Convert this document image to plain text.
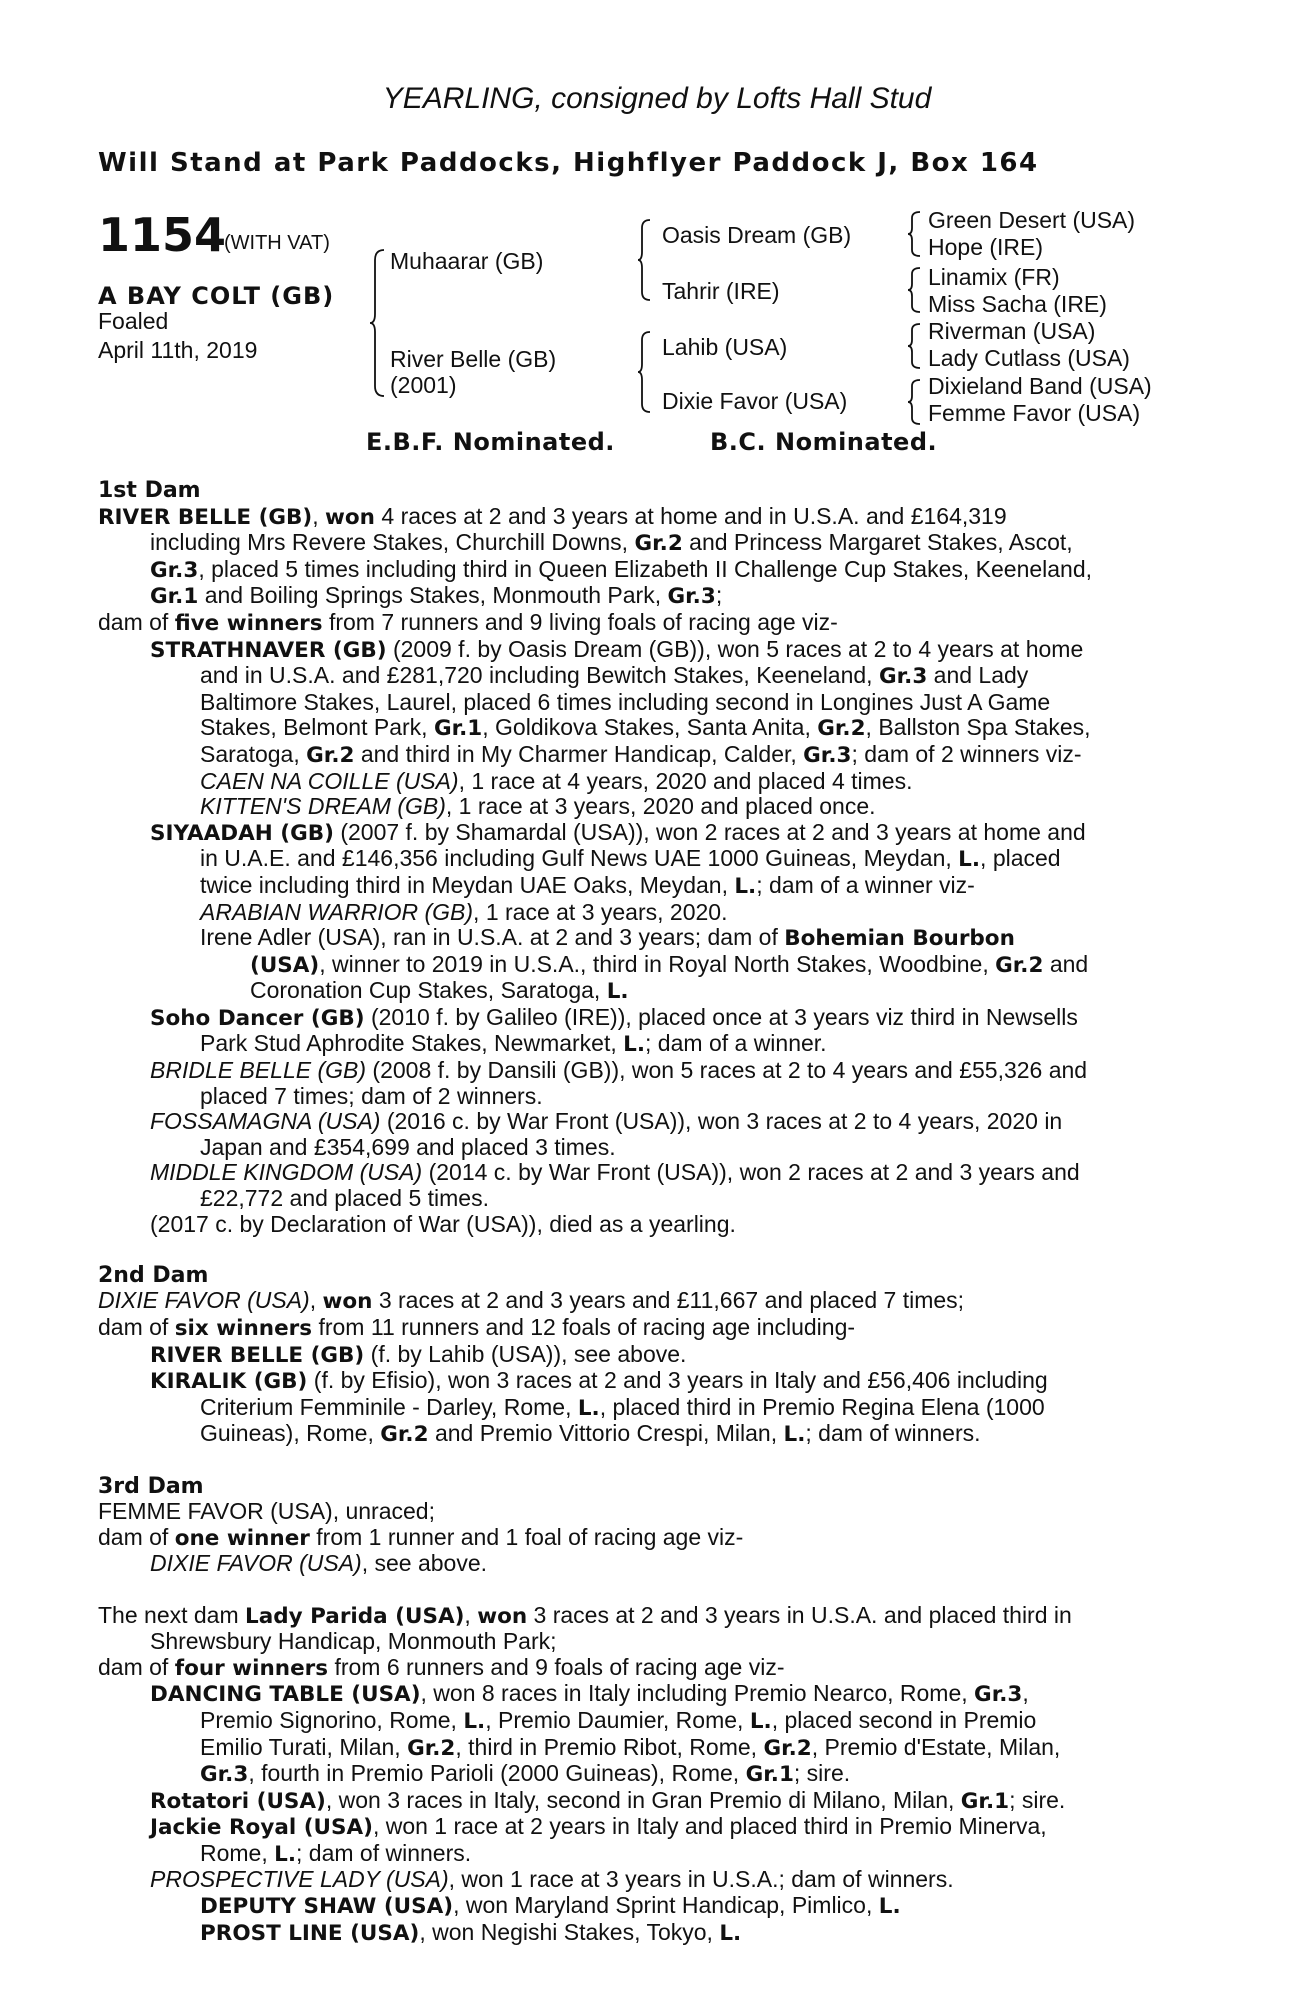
YEARLING, consigned by Lofts Hall Stud
Will Stand at Park Paddocks, Highflyer Paddock J, Box 164
1154
(WITH VAT)
A BAY COLT (GB)
Foaled
April 11th, 2019
Muhaarar (GB)
River Belle (GB)
(2001)
Oasis Dream (GB)
Tahrir (IRE)
Lahib (USA)
Dixie Favor (USA)
Green Desert (USA)
Hope (IRE)
Linamix (FR)
Miss Sacha (IRE)
Riverman (USA)
Lady Cutlass (USA)
Dixieland Band (USA)
Femme Favor (USA)
E.B.F. Nominated.	B.C. Nominated.

1st Dam

RIVER BELLE (GB), won 4 races at 2 and 3 years at home and in U.S.A. and £164,319

including Mrs Revere Stakes, Churchill Downs, Gr.2 and Princess Margaret Stakes, Ascot,

Gr.3, placed 5 times including third in Queen Elizabeth II Challenge Cup Stakes, Keeneland,

Gr.1 and Boiling Springs Stakes, Monmouth Park, Gr.3;

dam of five winners from 7 runners and 9 living foals of racing age viz-

STRATHNAVER (GB) (2009 f. by Oasis Dream (GB)), won 5 races at 2 to 4 years at home

and in U.S.A. and £281,720 including Bewitch Stakes, Keeneland, Gr.3 and Lady

Baltimore Stakes, Laurel, placed 6 times including second in Longines Just A Game

Stakes, Belmont Park, Gr.1, Goldikova Stakes, Santa Anita, Gr.2, Ballston Spa Stakes,

Saratoga, Gr.2 and third in My Charmer Handicap, Calder, Gr.3; dam of 2 winners viz-

CAEN NA COILLE (USA), 1 race at 4 years, 2020 and placed 4 times.

KITTEN'S DREAM (GB), 1 race at 3 years, 2020 and placed once.

SIYAADAH (GB) (2007 f. by Shamardal (USA)), won 2 races at 2 and 3 years at home and

in U.A.E. and £146,356 including Gulf News UAE 1000 Guineas, Meydan, L., placed

twice including third in Meydan UAE Oaks, Meydan, L.; dam of a winner viz-

ARABIAN WARRIOR (GB), 1 race at 3 years, 2020.

Irene Adler (USA), ran in U.S.A. at 2 and 3 years; dam of Bohemian Bourbon

(USA), winner to 2019 in U.S.A., third in Royal North Stakes, Woodbine, Gr.2 and

Coronation Cup Stakes, Saratoga, L.

Soho Dancer (GB) (2010 f. by Galileo (IRE)), placed once at 3 years viz third in Newsells

Park Stud Aphrodite Stakes, Newmarket, L.; dam of a winner.

BRIDLE BELLE (GB) (2008 f. by Dansili (GB)), won 5 races at 2 to 4 years and £55,326 and

placed 7 times; dam of 2 winners.

FOSSAMAGNA (USA) (2016 c. by War Front (USA)), won 3 races at 2 to 4 years, 2020 in

Japan and £354,699 and placed 3 times.

MIDDLE KINGDOM (USA) (2014 c. by War Front (USA)), won 2 races at 2 and 3 years and

£22,772 and placed 5 times.

(2017 c. by Declaration of War (USA)), died as a yearling.

2nd Dam

DIXIE FAVOR (USA), won 3 races at 2 and 3 years and £11,667 and placed 7 times;

dam of six winners from 11 runners and 12 foals of racing age including-

RIVER BELLE (GB) (f. by Lahib (USA)), see above.

KIRALIK (GB) (f. by Efisio), won 3 races at 2 and 3 years in Italy and £56,406 including

Criterium Femminile - Darley, Rome, L., placed third in Premio Regina Elena (1000

Guineas), Rome, Gr.2 and Premio Vittorio Crespi, Milan, L.; dam of winners.

3rd Dam

FEMME FAVOR (USA), unraced;

dam of one winner from 1 runner and 1 foal of racing age viz-

DIXIE FAVOR (USA), see above.

The next dam Lady Parida (USA), won 3 races at 2 and 3 years in U.S.A. and placed third in

Shrewsbury Handicap, Monmouth Park;

dam of four winners from 6 runners and 9 foals of racing age viz-

DANCING TABLE (USA), won 8 races in Italy including Premio Nearco, Rome, Gr.3,

Premio Signorino, Rome, L., Premio Daumier, Rome, L., placed second in Premio

Emilio Turati, Milan, Gr.2, third in Premio Ribot, Rome, Gr.2, Premio d'Estate, Milan,

Gr.3, fourth in Premio Parioli (2000 Guineas), Rome, Gr.1; sire.

Rotatori (USA), won 3 races in Italy, second in Gran Premio di Milano, Milan, Gr.1; sire.

Jackie Royal (USA), won 1 race at 2 years in Italy and placed third in Premio Minerva,

Rome, L.; dam of winners.

PROSPECTIVE LADY (USA), won 1 race at 3 years in U.S.A.; dam of winners.

DEPUTY SHAW (USA), won Maryland Sprint Handicap, Pimlico, L.

PROST LINE (USA), won Negishi Stakes, Tokyo, L.
